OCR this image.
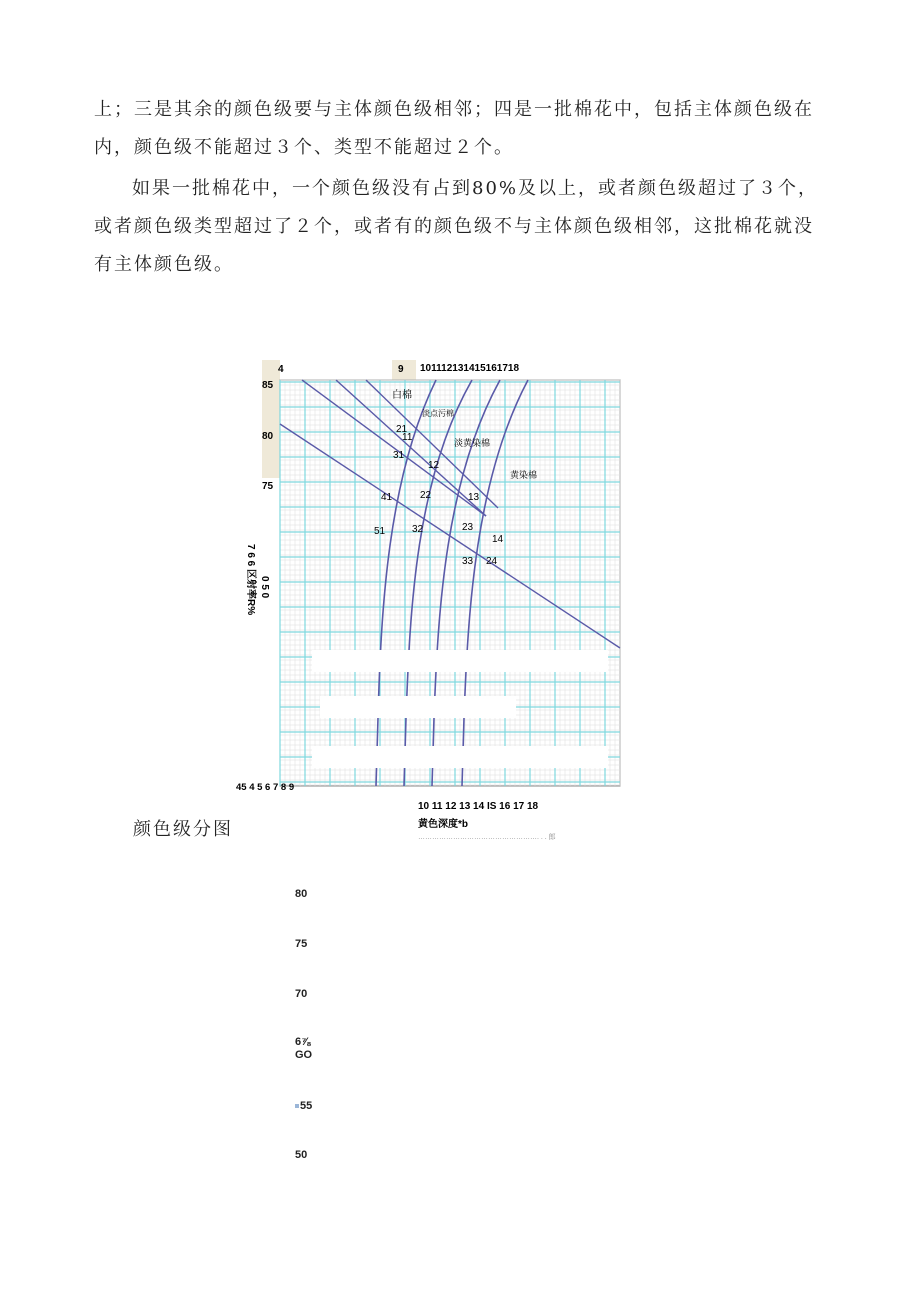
上；三是其余的颜色级要与主体颜色级相邻；四是一批棉花中，包括主体颜色级在
内，颜色级不能超过３个、类型不能超过２个。
如果一批棉花中，一个颜色级没有占到80%及以上，或者颜色级超过了３个，
或者颜色级类型超过了２个，或者有的颜色级不与主体颜色级相邻，这批棉花就没
有主体颜色级。
4	9 101112131415161718
85
80
75
7 6 6 区射率R% 0 5 0
白棉
淡点污棉
淡黄染棉
黄染棉
11
21
31
41
51
12
22
32
13
23
33
14
24
45 4 5 6 7 8 9
10 11 12 13 14 IS 16 17 18
黄色深度*b
……………………………………………. . . 郎
颜色级分图
80
75
70
6⅞
GO
55
50
